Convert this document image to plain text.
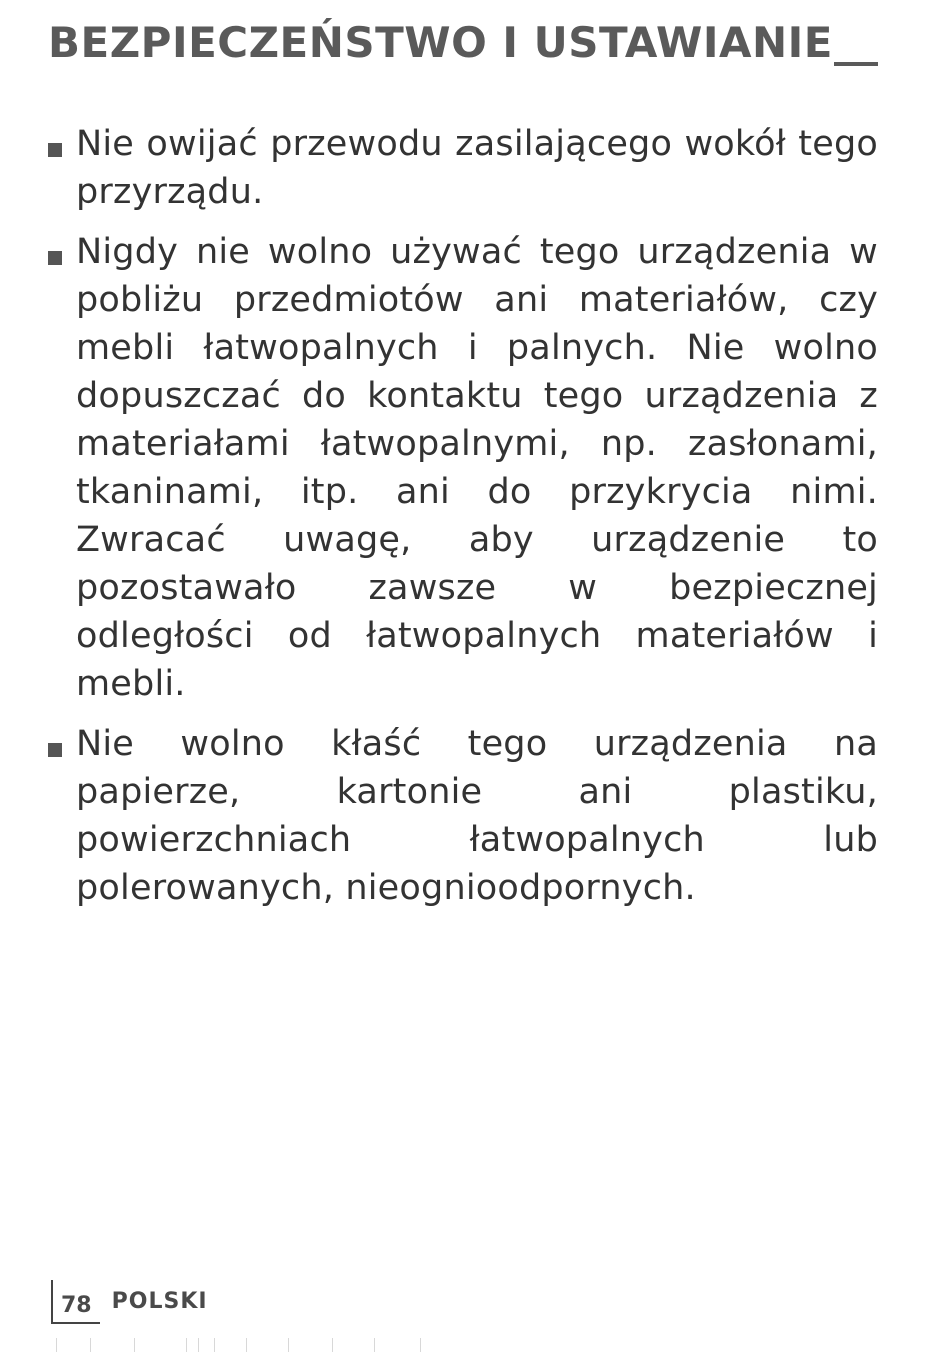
BEZPIECZEŃSTWO I USTAWIANIE
Nie owijać przewodu zasilającego wokół tego przyrządu.
Nigdy nie wolno używać tego urządzenia w pobliżu przedmiotów ani materiałów, czy mebli łatwopalnych i palnych. Nie wolno dopuszczać do kontaktu tego urządzenia z materiałami łatwopalnymi, np. zasłonami, tkaninami, itp. ani do przykrycia nimi. Zwracać uwagę, aby urządzenie to pozostawało zawsze w bezpiecznej odległości od łatwopalnych materiałów i mebli.
Nie wolno kłaść tego urządzenia na papierze, kartonie ani plastiku, powierzchniach łatwopalnych lub polerowanych, nieognioodpornych.
78 POLSKI
